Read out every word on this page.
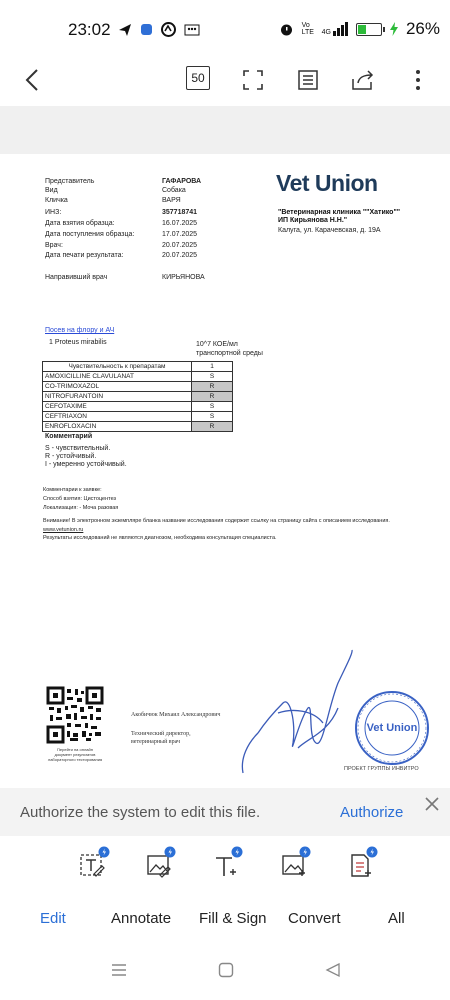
23:02	Vo LTE 4G	26%
50
Представитель	ГАФАРОВА
Вид	Собака
Кличка	ВАРЯ
ИНЗ:	357718741
Дата взятия образца:	16.07.2025
Дата поступления образца:	17.07.2025
Врач:	20.07.2025
Дата печати результата:	20.07.2025
Направивший врач	КИРЬЯНОВА
Vet Union
"Ветеринарная клиника ""Хатико""
ИП Кирьянова Н.Н."
Калуга, ул. Карачевская, д. 19А
Посев на флору и АЧ
1 Proteus mirabilis	10^7 КОЕ/мл
транспортной среды
Чувствительность к препаратам	1
AMOXICILLINE CLAVULANAT	S
CO-TRIMOXAZOL	R
NITROFURANTOIN	R
CEFOTAXIME	S
CEFTRIAXON	S
ENROFLOXACIN	R
Комментарий
S - чувствительный.
R - устойчивый.
I - умеренно устойчивый.
Комментарии к заявке:
Способ взятия: Цистоцентез
Локализация: - Моча разовая
Внимание! В электронном экземпляре бланка название исследования содержит ссылку на страницу сайта с описанием исследования.
www.vetunion.ru
Результаты исследований не являются диагнозом, необходима консультация специалиста.
Перейти на онлайн
документ результатов
лабораторного тестирования
Акобичюк Михаил Александрович
Технический директор,
ветеринарный врач
Vet Union
ПРОЕКТ ГРУППЫ ИНВИТРО
Authorize the system to edit this file.	Authorize
Edit	Annotate Fill & Sign Convert	All
